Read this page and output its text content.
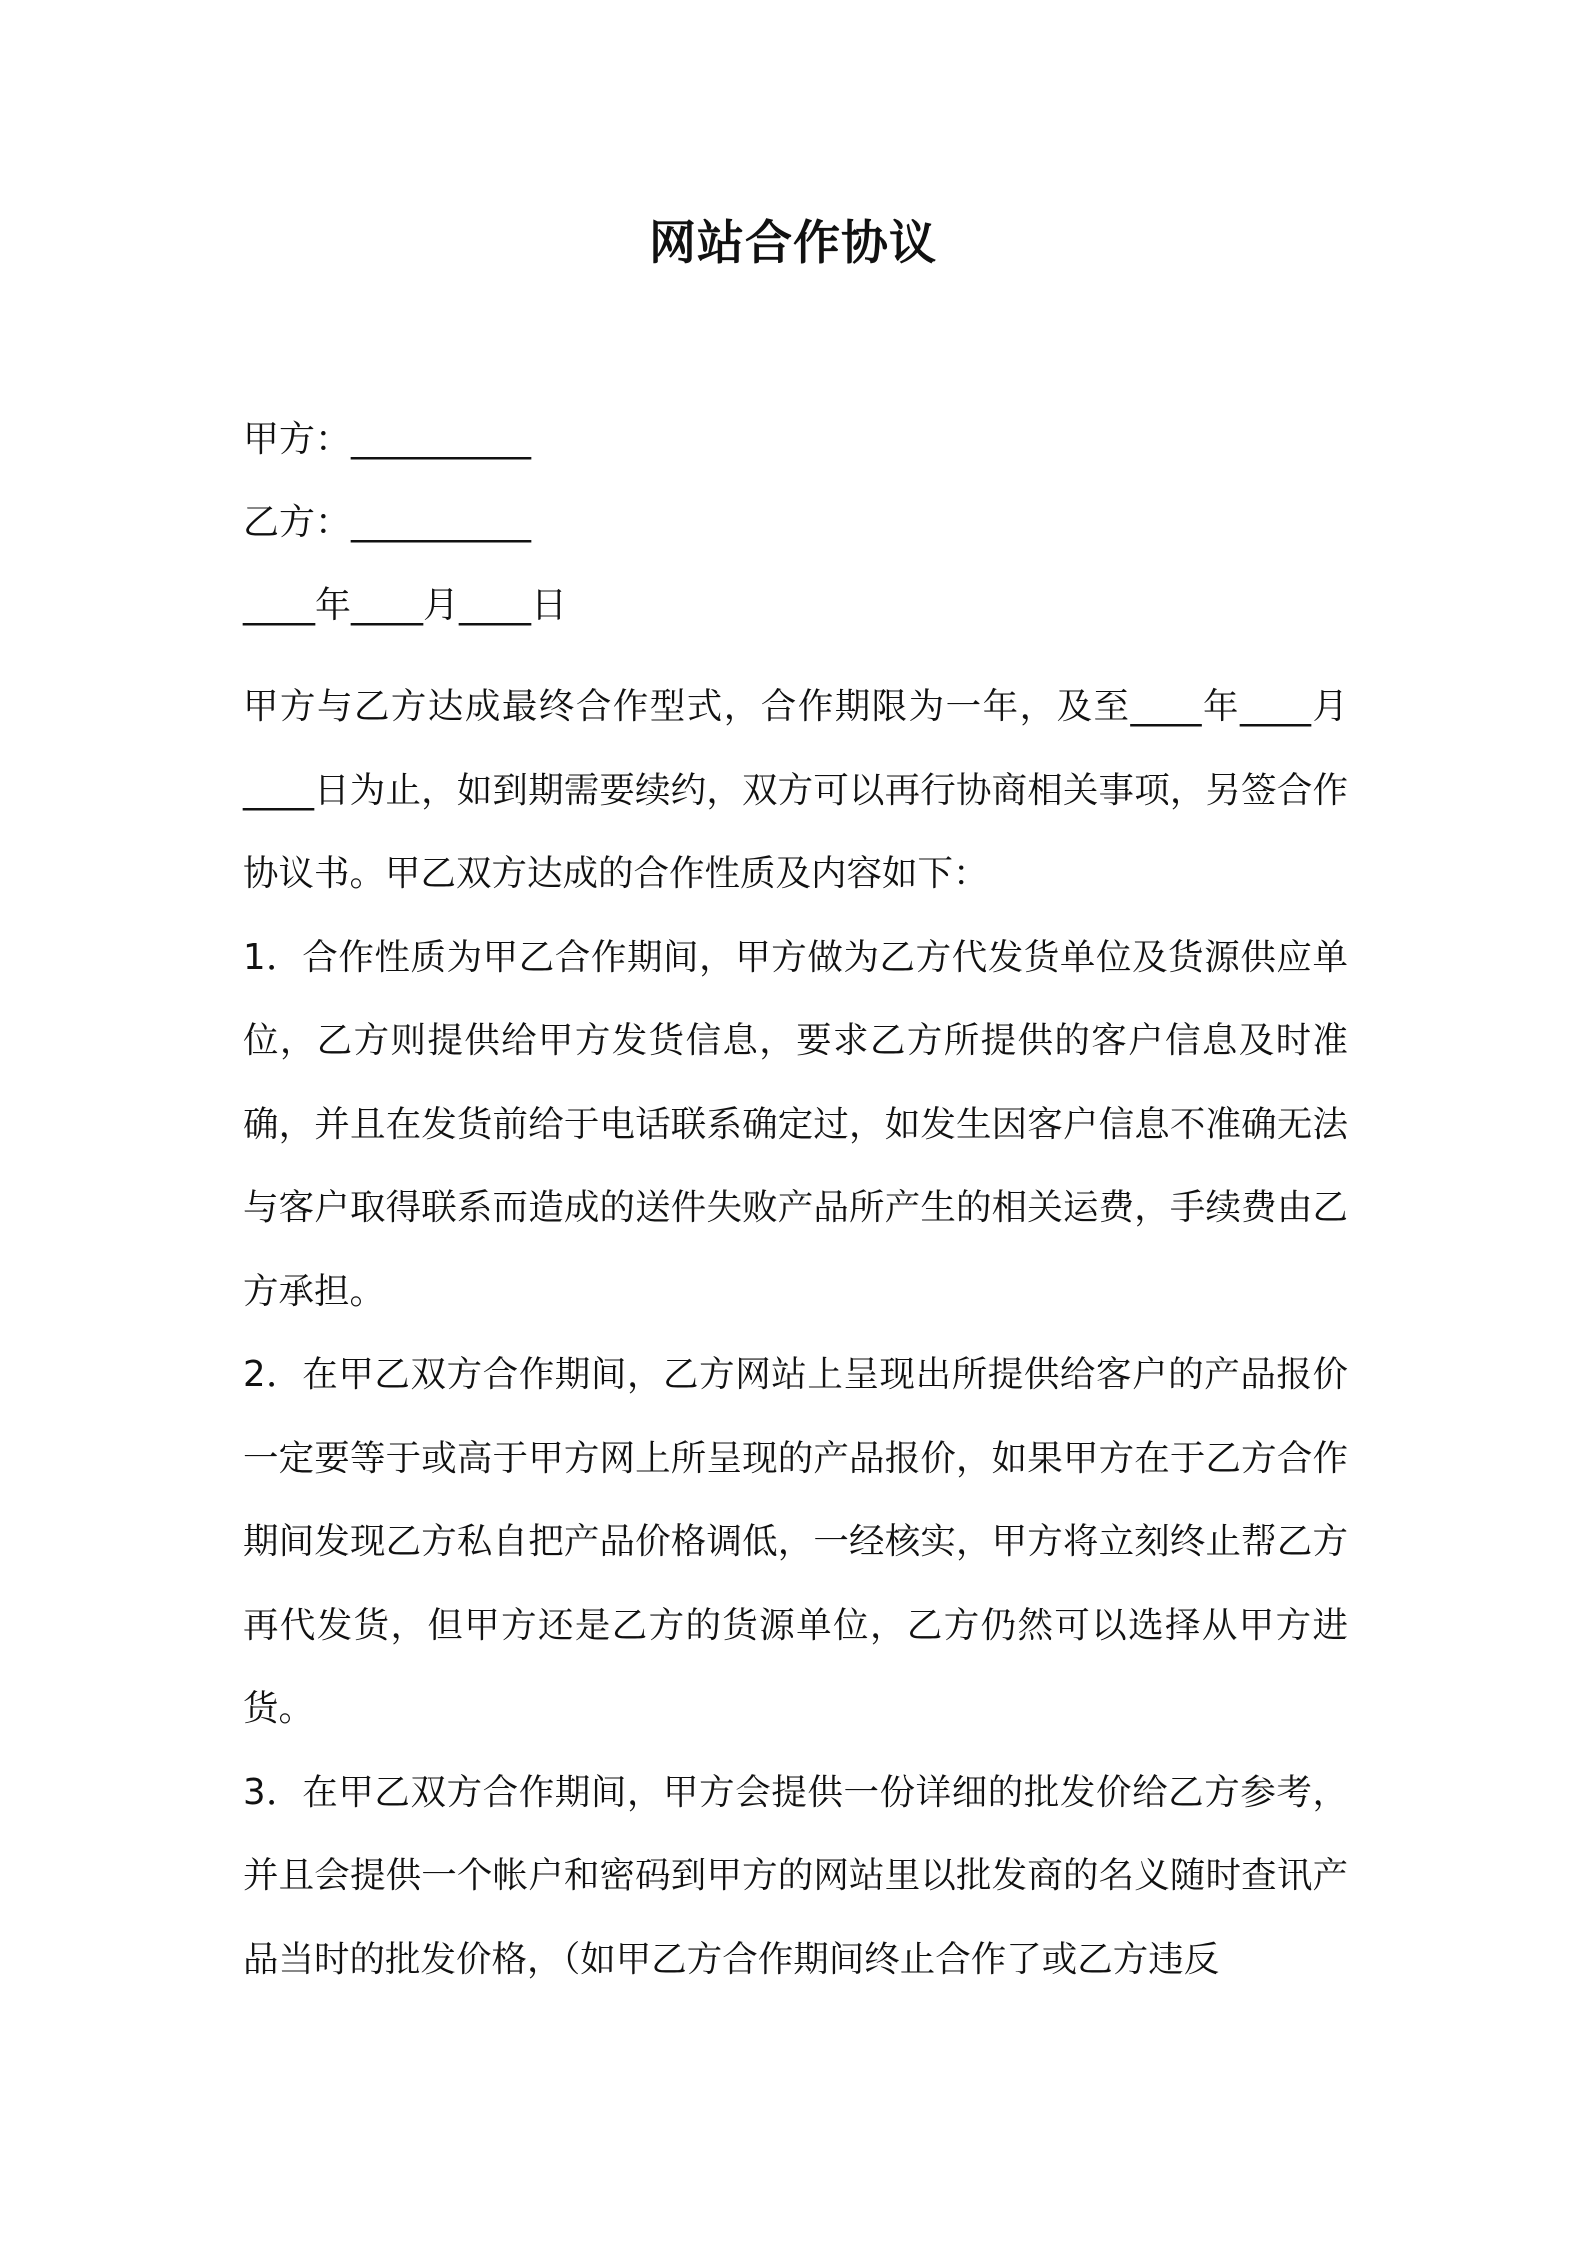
网站合作协议
甲方：__________
乙方：__________
____年____月____日

甲方与乙方达成最终合作型式，合作期限为一年，及至____年____月____日为止，如到期需要续约，双方可以再行协商相关事项，另签合作协议书。甲乙双方达成的合作性质及内容如下：

1．合作性质为甲乙合作期间，甲方做为乙方代发货单位及货源供应单位，乙方则提供给甲方发货信息，要求乙方所提供的客户信息及时准确，并且在发货前给于电话联系确定过，如发生因客户信息不准确无法与客户取得联系而造成的送件失败产品所产生的相关运费，手续费由乙方承担。

2．在甲乙双方合作期间，乙方网站上呈现出所提供给客户的产品报价一定要等于或高于甲方网上所呈现的产品报价，如果甲方在于乙方合作期间发现乙方私自把产品价格调低，一经核实，甲方将立刻终止帮乙方再代发货，但甲方还是乙方的货源单位，乙方仍然可以选择从甲方进货。

3．在甲乙双方合作期间，甲方会提供一份详细的批发价给乙方参考，并且会提供一个帐户和密码到甲方的网站里以批发商的名义随时查讯产品当时的批发价格，（如甲乙方合作期间终止合作了或乙方违反
